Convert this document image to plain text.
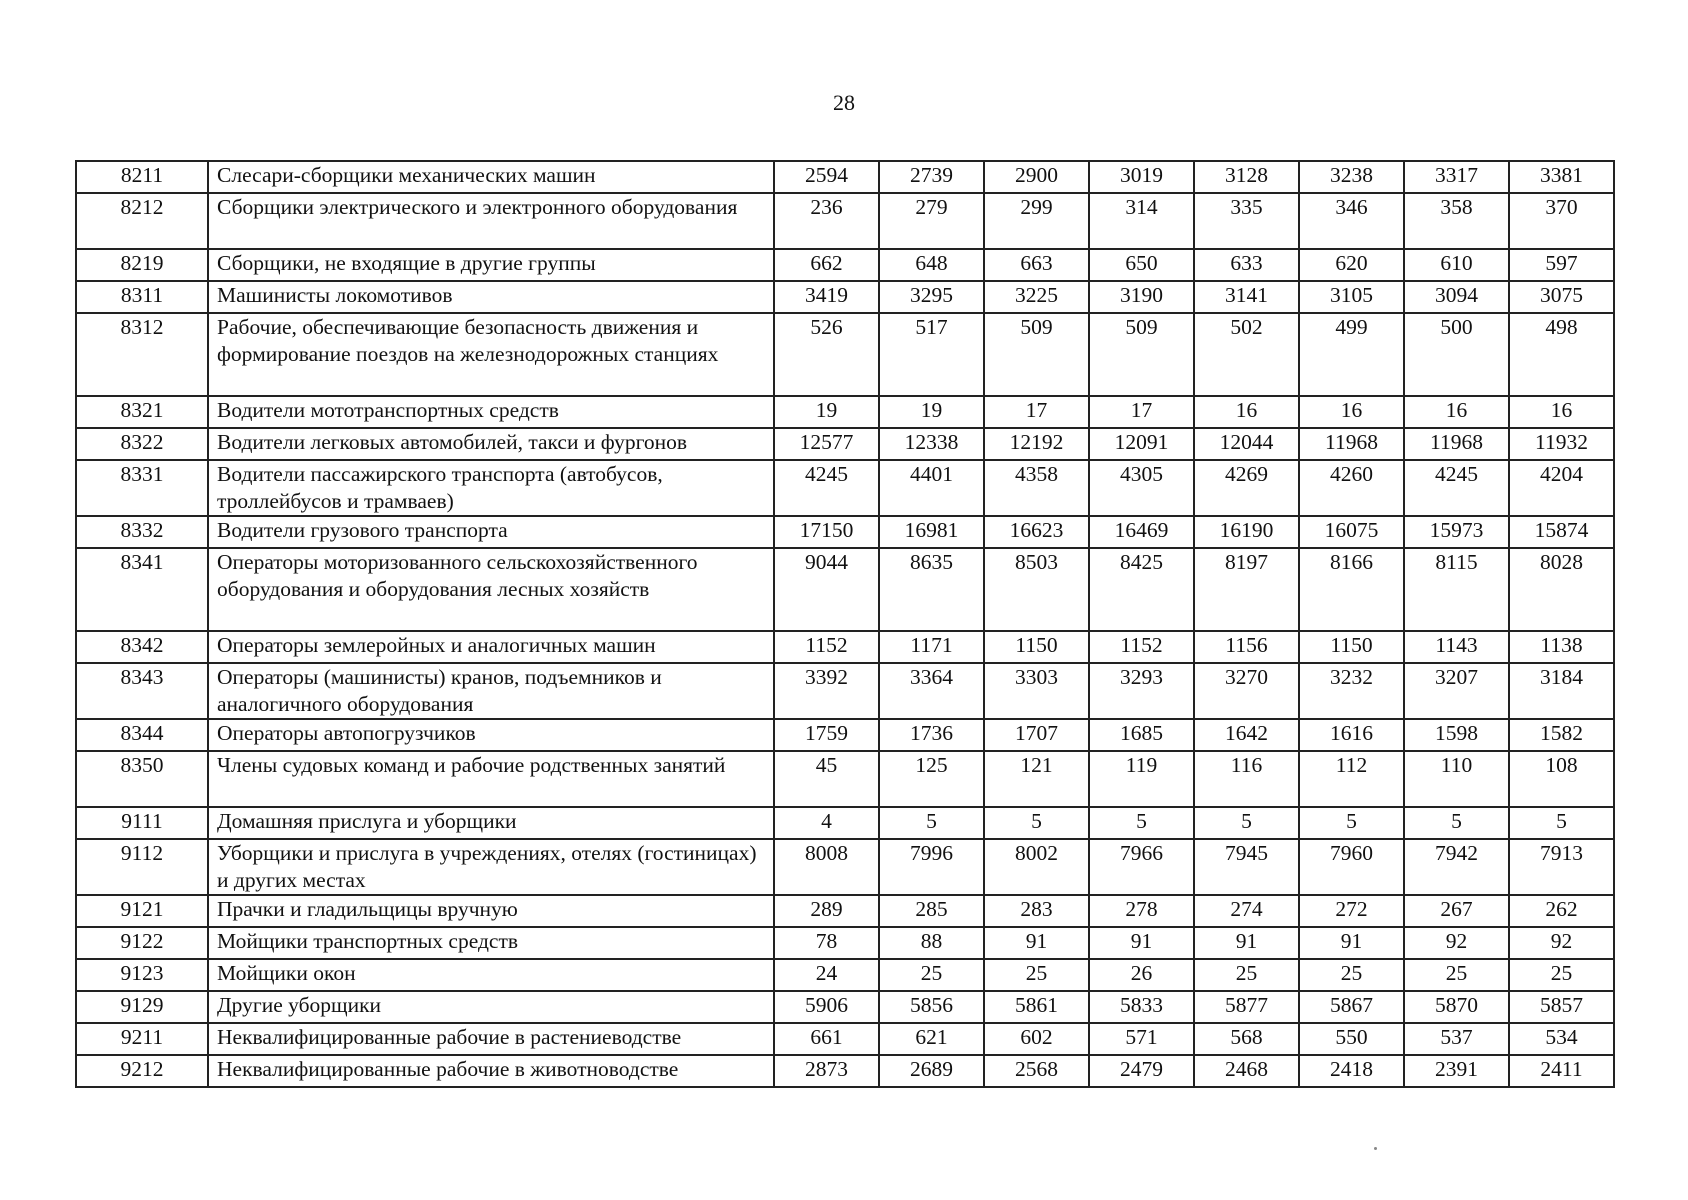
28
8211	Слесари-сборщики механических машин	2594	2739	2900	3019	3128	3238	3317	3381
8212	Сборщики электрического и электронного оборудования	236	279	299	314	335	346	358	370
8219	Сборщики, не входящие в другие группы	662	648	663	650	633	620	610	597
8311	Машинисты локомотивов	3419	3295	3225	3190	3141	3105	3094	3075
8312	Рабочие, обеспечивающие безопасность движения и формирование поездов на железнодорожных станциях	526	517	509	509	502	499	500	498
8321	Водители мототранспортных средств	19	19	17	17	16	16	16	16
8322	Водители легковых автомобилей, такси и фургонов	12577	12338	12192	12091	12044	11968	11968	11932
8331	Водители пассажирского транспорта (автобусов, троллейбусов и трамваев)	4245	4401	4358	4305	4269	4260	4245	4204
8332	Водители грузового транспорта	17150	16981	16623	16469	16190	16075	15973	15874
8341	Операторы моторизованного сельскохозяйственного оборудования и оборудования лесных хозяйств	9044	8635	8503	8425	8197	8166	8115	8028
8342	Операторы землеройных и аналогичных машин	1152	1171	1150	1152	1156	1150	1143	1138
8343	Операторы (машинисты) кранов, подъемников и аналогичного оборудования	3392	3364	3303	3293	3270	3232	3207	3184
8344	Операторы автопогрузчиков	1759	1736	1707	1685	1642	1616	1598	1582
8350	Члены судовых команд и рабочие родственных занятий	45	125	121	119	116	112	110	108
9111	Домашняя прислуга и уборщики	4	5	5	5	5	5	5	5
9112	Уборщики и прислуга в учреждениях, отелях (гостиницах) и других местах	8008	7996	8002	7966	7945	7960	7942	7913
9121	Прачки и гладильщицы вручную	289	285	283	278	274	272	267	262
9122	Мойщики транспортных средств	78	88	91	91	91	91	92	92
9123	Мойщики окон	24	25	25	26	25	25	25	25
9129	Другие уборщики	5906	5856	5861	5833	5877	5867	5870	5857
9211	Неквалифицированные рабочие в растениеводстве	661	621	602	571	568	550	537	534
9212	Неквалифицированные рабочие в животноводстве	2873	2689	2568	2479	2468	2418	2391	2411
